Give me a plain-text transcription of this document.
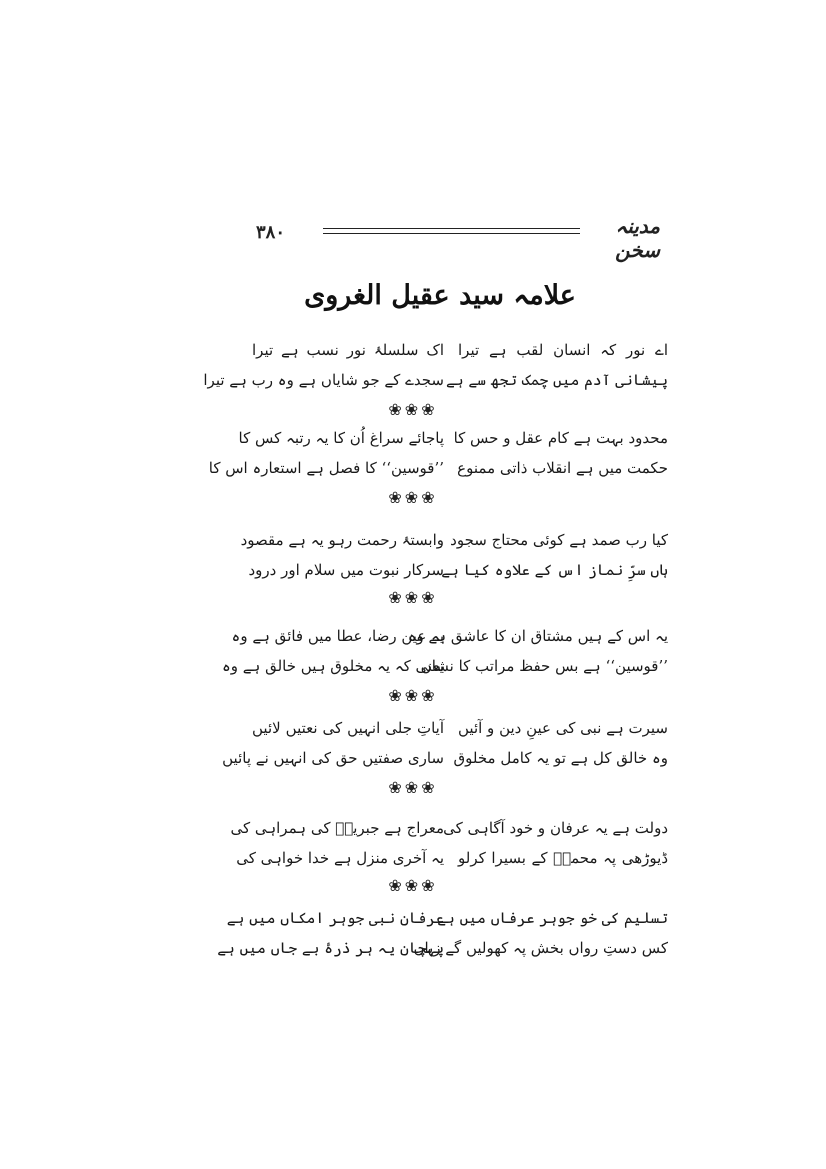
۳۸۰	مدینہ سخن
علامہ سید عقیل الغروی
اے نور کہ انسان لقب ہے تیرا
اک سلسلۂ نور نسب ہے تیرا
پیشانی آدم میں چمک تجھ سے ہے
سجدے کے جو شایاں ہے وہ رب ہے تیرا
❀❀❀
محدود بہت ہے کام عقل و حس کا
پاجائے سراغ اُن کا یہ رتبہ کس کا
حکمت میں ہے انقلاب ذاتی ممنوع
’’قوسین‘‘ کا فصل ہے استعارہ اس کا
❀❀❀
کیا رب صمد ہے کوئی محتاج سجود
وابستۂ رحمت رہو یہ ہے مقصود
ہاں سرِّ نماز اس کے علاوہ کیا ہے
سرکار نبوت میں سلام اور درود
❀❀❀
یہ اس کے ہیں مشتاق ان کا عاشق ہے وہ
یہ عین رضا، عطا میں فائق ہے وہ
’’قوسین‘‘ ہے بس حفظ مراتب کا نشاں
یعنی کہ یہ مخلوق ہیں خالق ہے وہ
❀❀❀
سیرت ہے نبی کی عینِ دین و آئیں
آیاتِ جلی انہیں کی نعتیں لائیں
وہ خالق کل ہے تو یہ کامل مخلوق
ساری صفتیں حق کی انہیں نے پائیں
❀❀❀
دولت ہے یہ عرفان و خود آگاہی کی
معراج ہے جبریلؑ کی ہمراہی کی
ڈیوڑھی پہ محمدؐ کے بسیرا کرلو
یہ آخری منزل ہے خدا خواہی کی
❀❀❀
تسلیم کی خو جوہر عرفاں میں ہے
عرفانِ نبی جوہر امکاں میں ہے
کس دستِ رواں بخش پہ کھولیں گے زباں
پہچان یہ ہر ذرۂ بے جاں میں ہے
